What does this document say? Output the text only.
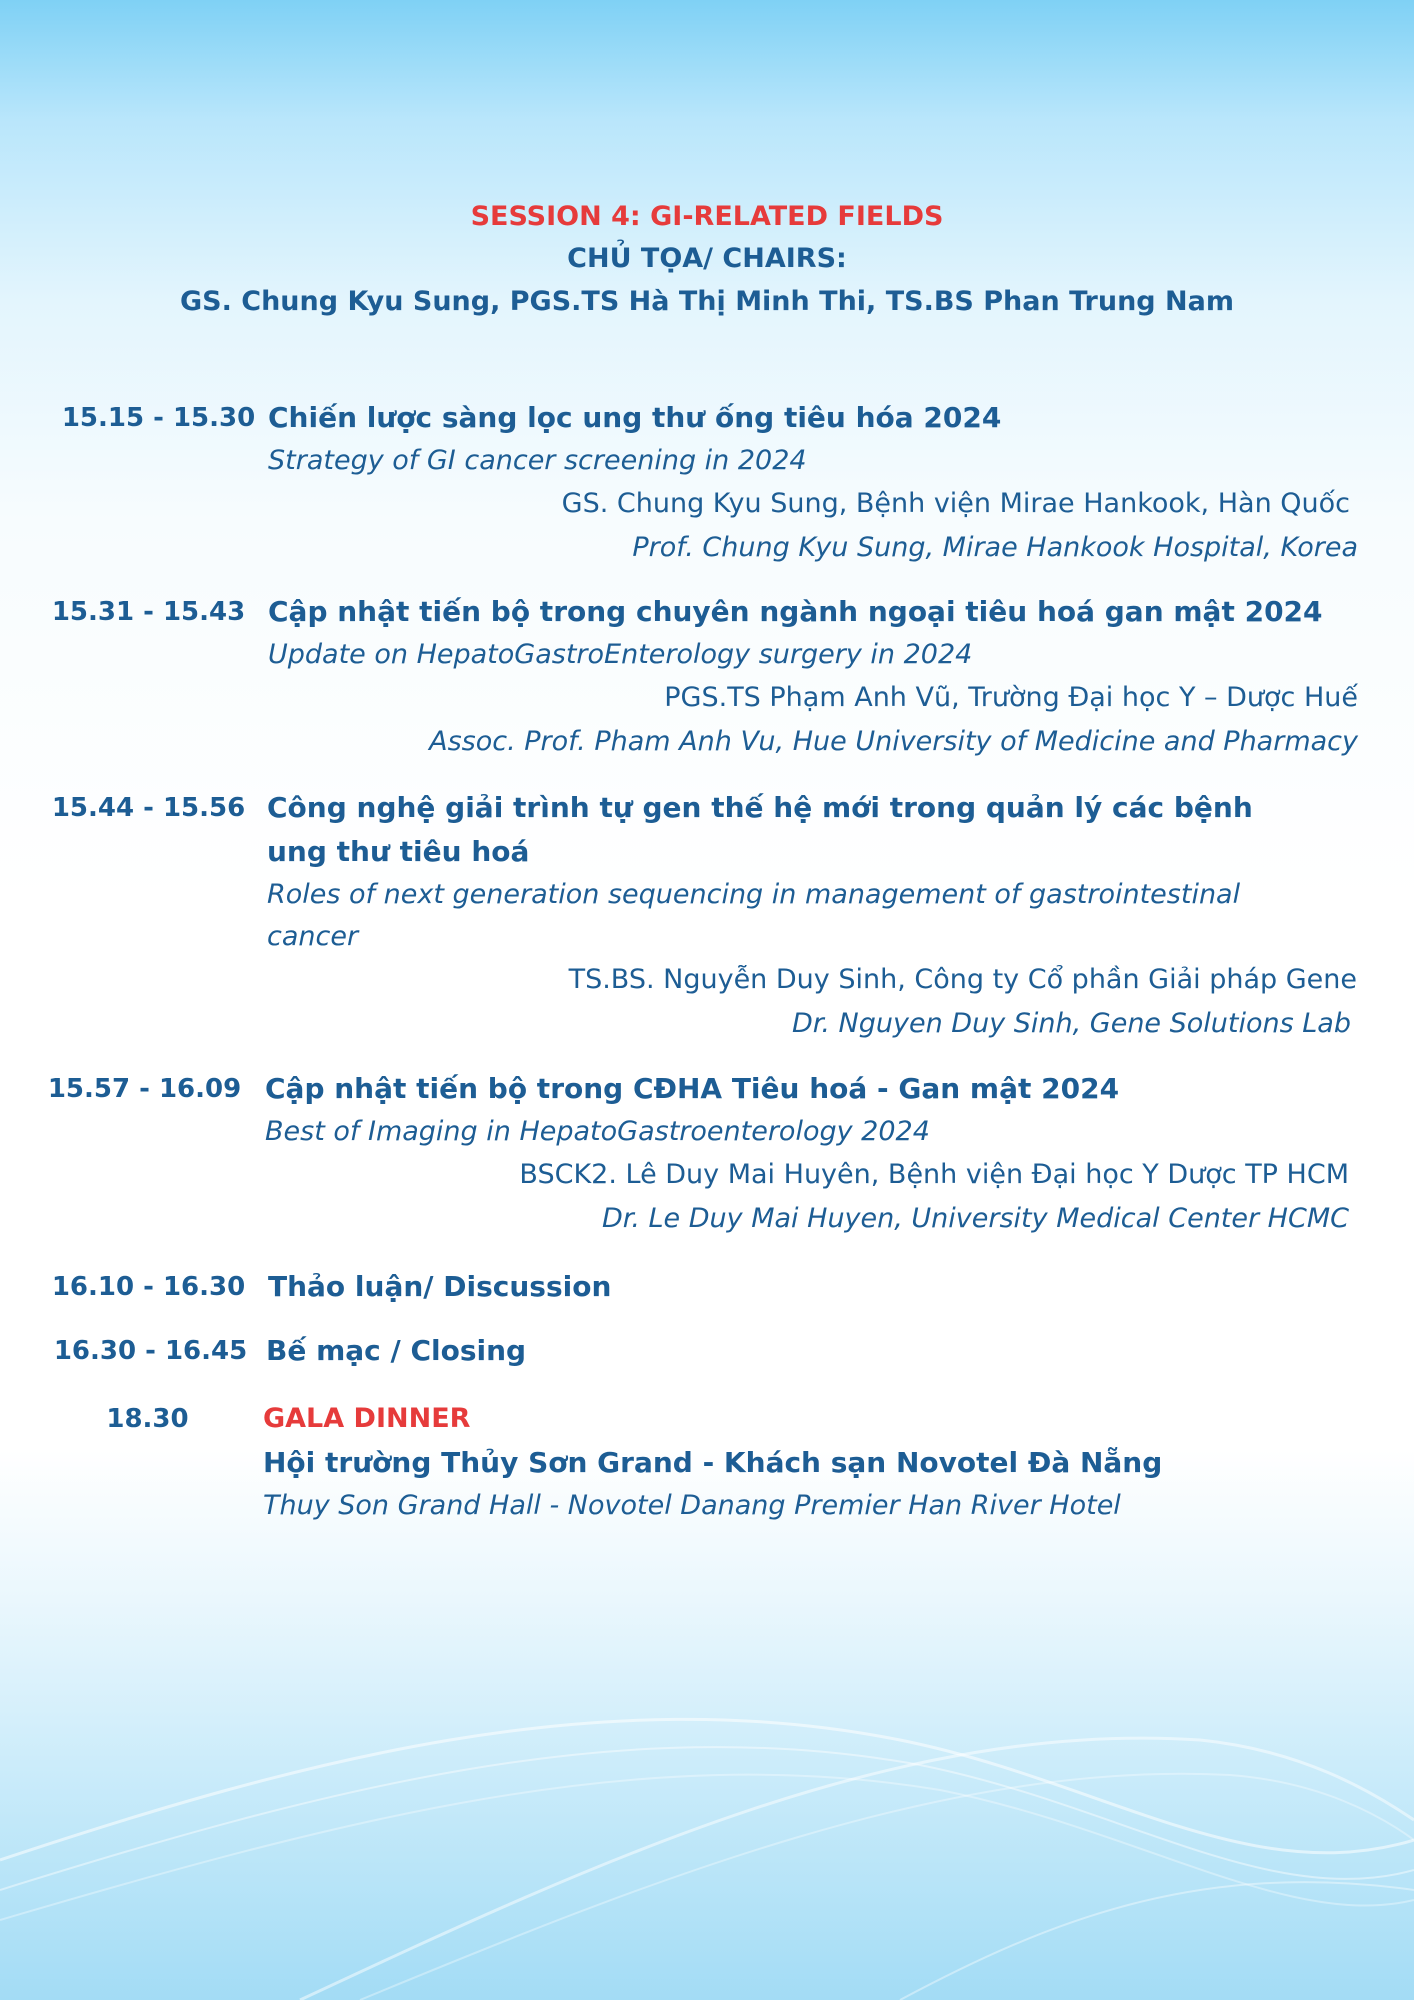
SESSION 4: GI-RELATED FIELDS
CHỦ TỌA/ CHAIRS:
GS. Chung Kyu Sung, PGS.TS Hà Thị Minh Thi, TS.BS Phan Trung Nam
15.15 - 15.30 Chiến lược sàng lọc ung thư ống tiêu hóa 2024
Strategy of GI cancer screening in 2024
GS. Chung Kyu Sung, Bệnh viện Mirae Hankook, Hàn Quốc
Prof. Chung Kyu Sung, Mirae Hankook Hospital, Korea
15.31 - 15.43 Cập nhật tiến bộ trong chuyên ngành ngoại tiêu hoá gan mật 2024
Update on HepatoGastroEnterology surgery in 2024
PGS.TS Phạm Anh Vũ, Trường Đại học Y – Dược Huế
Assoc. Prof. Pham Anh Vu, Hue University of Medicine and Pharmacy
15.44 - 15.56 Công nghệ giải trình tự gen thế hệ mới trong quản lý các bệnh ung thư tiêu hoá
Roles of next generation sequencing in management of gastrointestinal cancer
TS.BS. Nguyễn Duy Sinh, Công ty Cổ phần Giải pháp Gene
Dr. Nguyen Duy Sinh, Gene Solutions Lab
15.57 - 16.09 Cập nhật tiến bộ trong CĐHA Tiêu hoá - Gan mật 2024
Best of Imaging in HepatoGastroenterology 2024
BSCK2. Lê Duy Mai Huyên, Bệnh viện Đại học Y Dược TP HCM
Dr. Le Duy Mai Huyen, University Medical Center HCMC
16.10 - 16.30 Thảo luận/ Discussion
16.30 - 16.45 Bế mạc / Closing
18.30	GALA DINNER
Hội trường Thủy Sơn Grand - Khách sạn Novotel Đà Nẵng
Thuy Son Grand Hall - Novotel Danang Premier Han River Hotel
